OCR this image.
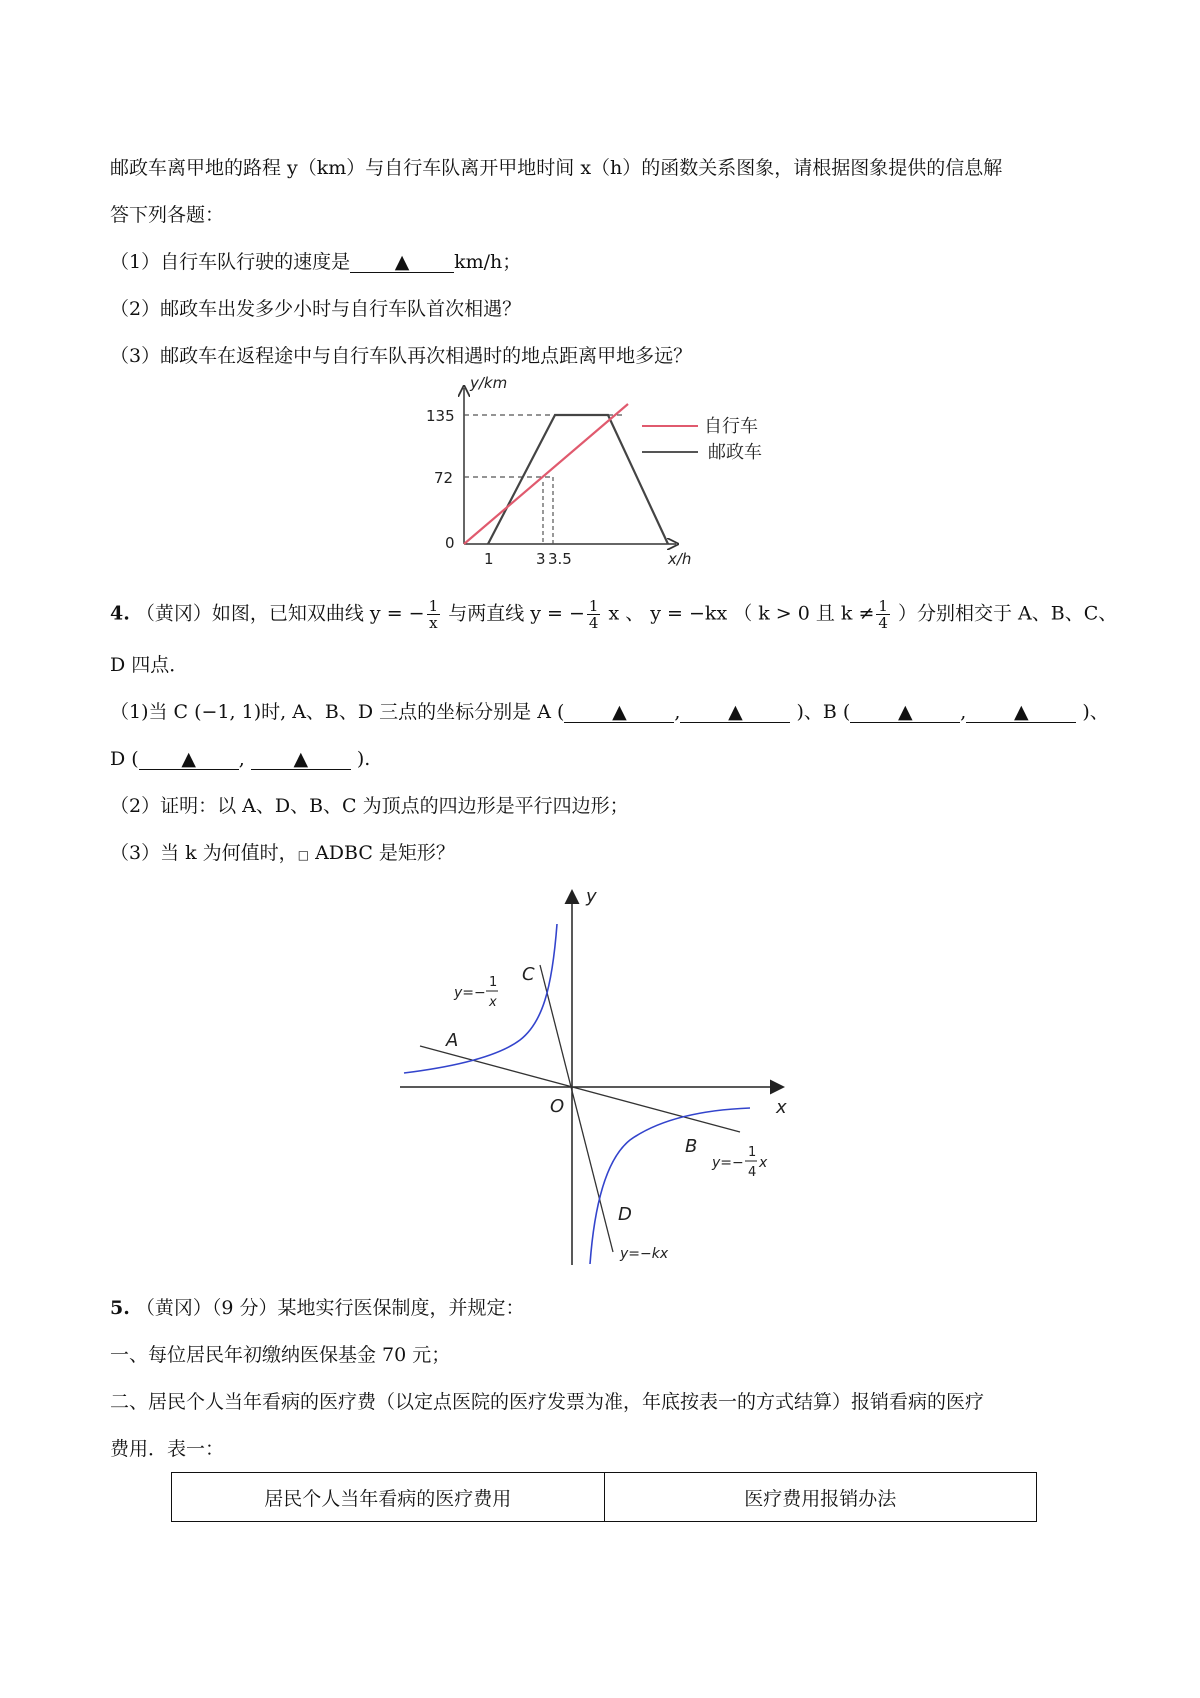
邮政车离甲地的路程 y（km）与自行车队离开甲地时间 x（h）的函数关系图象，请根据图象提供的信息解
答下列各题：
（1）自行车队行驶的速度是 ▲ km/h；
（2）邮政车出发多少小时与自行车队首次相遇？
（3）邮政车在返程途中与自行车队再次相遇时的地点距离甲地多远？
y/km
x/h
135
72
0
1	3 3.5
自行车
邮政车
4. （黄冈）如图，已知双曲线 y = − $\frac{1}{x}$ 与两直线 y = − $\frac{1}{4}$ x 、 y = −kx （ k > 0 且 $k \ne \frac{1}{4}$ ）分别相交于 A、B、C、
D 四点．
（1)当 C (−1, 1)时, A、B、D 三点的坐标分别是 A (	▲	,	▲	)、B (	▲	,	▲	)、
D ( ▲ ,	▲	).
（2）证明：以 A、D、B、C 为顶点的四边形是平行四边形；
（3）当 k 为何值时，□ ADBC 是矩形？
y
x
O
A
C
B
D
y=−
1
x
y=−
1
4
x
y=−kx
5. （黄冈）（9 分）某地实行医保制度，并规定：
一、每位居民年初缴纳医保基金 70 元；
二、居民个人当年看病的医疗费（以定点医院的医疗发票为准，年底按表一的方式结算）报销看病的医疗
费用．表一：
居民个人当年看病的医疗费用	医疗费用报销办法
